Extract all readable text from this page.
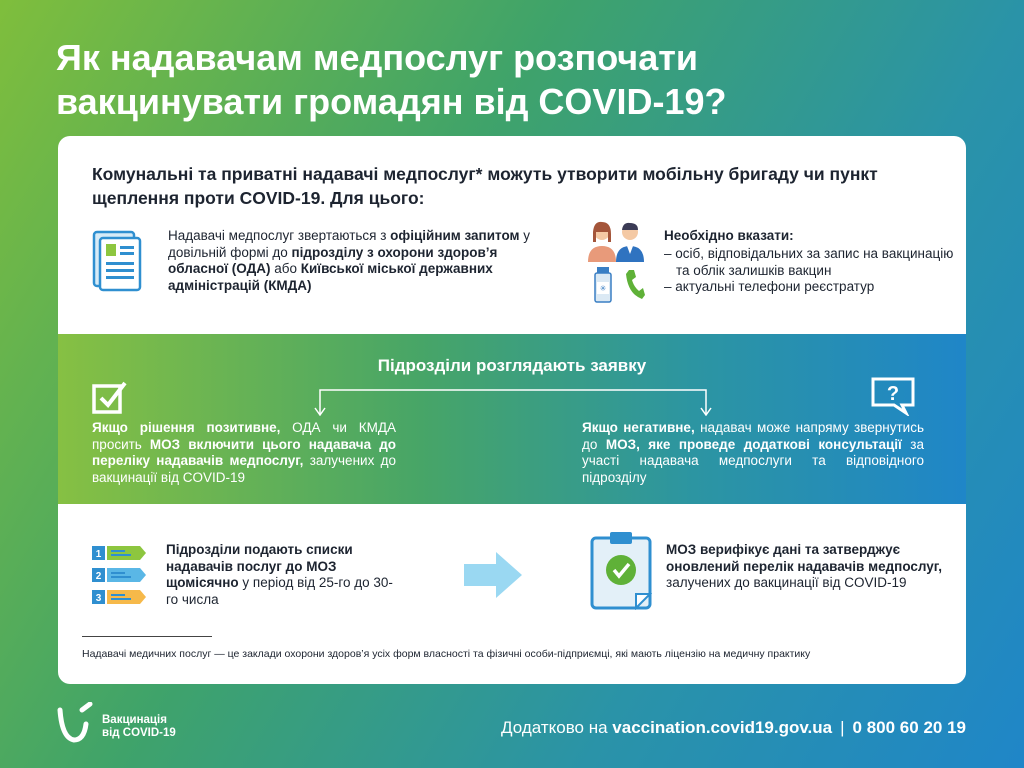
Як надавачам медпослуг розпочати
вакцинувати громадян від COVID-19?

Комунальні та приватні надавачі медпослуг* можуть утворити мобільну бригаду чи пункт щеплення проти COVID-19. Для цього:

Надавачі медпослуг звертаються з офіційним запитом у довільній формі до підрозділу з охорони здоров’я обласної (ОДА) або Київської міської державних адміністрацій (КМДА)	✳
Необхідно вказати:
– осіб, відповідальних за запис на вакцинацію та облік залишків вакцин
– актуальні телефони реєстратур
Підрозділи розглядають заявку
?

Якщо рішення позитивне, ОДА чи КМДА просить МОЗ включити цього надавача до переліку надавачів медпослуг, залучених до вакцинації від COVID-19

Якщо негативне, надавач може напряму звернутись до МОЗ, яке проведе додаткові консультації за участі надавача медпослуги та відповідного підрозділу

1
2
3

Підрозділи подають списки надавачів послуг до МОЗ щомісячно у період від 25-го до 30-го числа

МОЗ верифікує дані та затверджує оновлений перелік надавачів медпослуг, залучених до вакцинації від COVID-19

Надавачі медичних послуг — це заклади охорони здоров’я усіх форм власності та фізичні особи-підприємці, які мають ліцензію на медичну практику

Вакцинація
від COVID-19	Додатково на vaccination.covid19.gov.ua | 0 800 60 20 19
